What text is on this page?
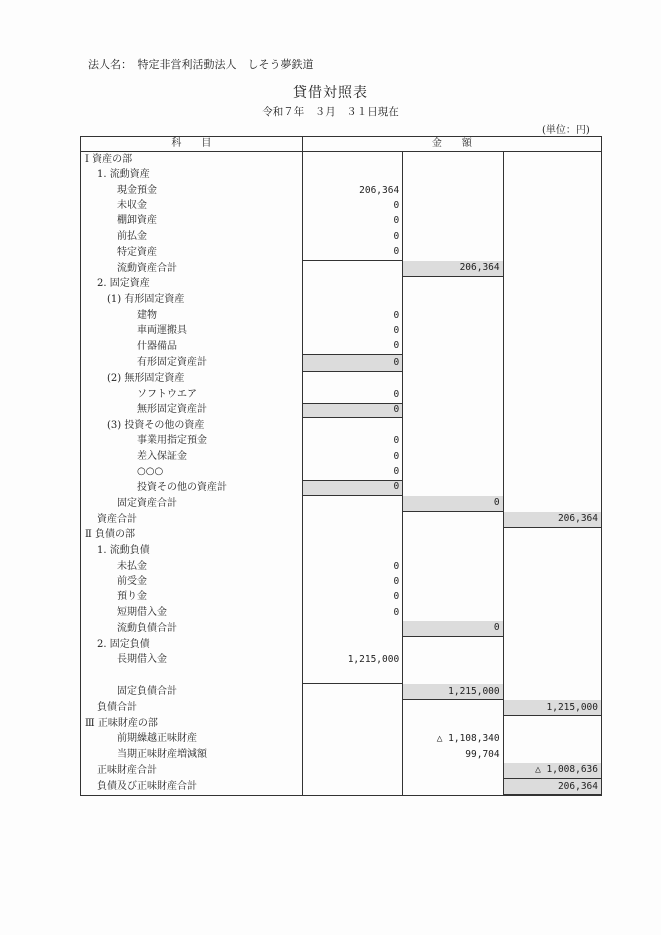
法人名：　 特定非営利活動法人　しそう夢鉄道
貸借対照表
令和７年　３月　３１日現在
(単位：円)
科　　目	金　　額		
Ⅰ 資産の部			
1. 流動資産			
現金預金	206,364		
未収金	0		
棚卸資産	0		
前払金	0		
特定資産	0		
流動資産合計		206,364	
2. 固定資産			
(1) 有形固定資産			
建物	0		
車両運搬具	0		
什器備品	0		
有形固定資産計	0		
(2) 無形固定資産			
ソフトウエア	0		
無形固定資産計	0		
(3) 投資その他の資産			
事業用指定預金	0		
差入保証金	0		
○○○	0		
投資その他の資産計	0		
固定資産合計		0	
資産合計			206,364
Ⅱ 負債の部			
1. 流動負債			
未払金	0		
前受金	0		
預り金	0		
短期借入金	0		
流動負債合計		0	
2. 固定負債			
長期借入金	1,215,000		

固定負債合計		1,215,000	
負債合計			1,215,000
Ⅲ 正味財産の部			
前期繰越正味財産		△ 1,108,340	
当期正味財産増減額		99,704	
正味財産合計			△ 1,008,636
負債及び正味財産合計			206,364
